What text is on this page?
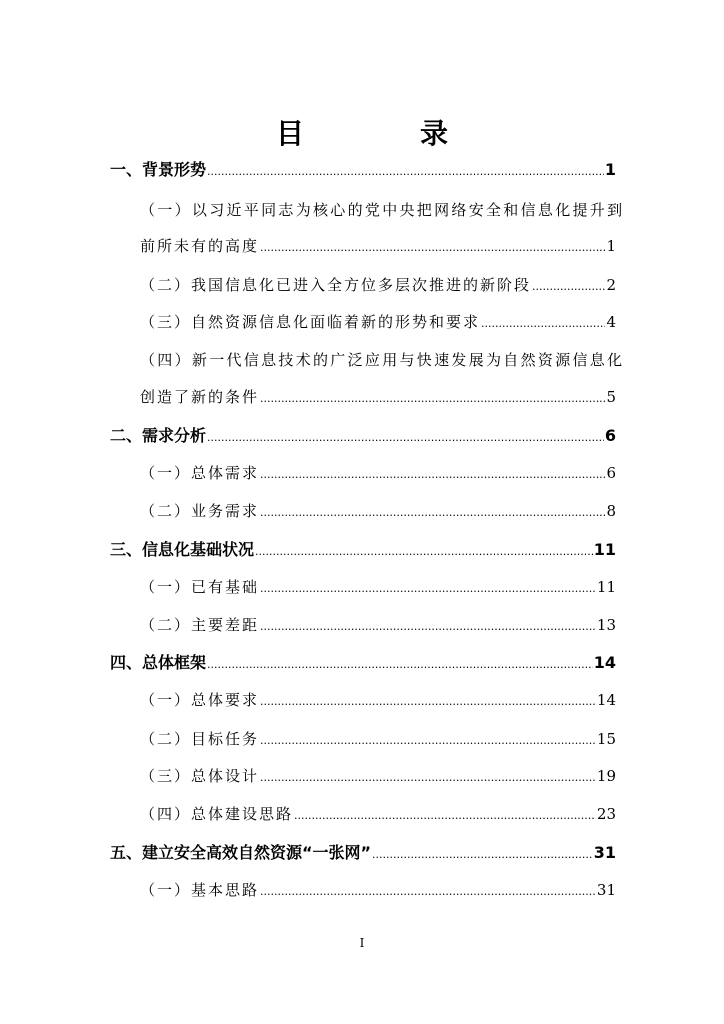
目　录
一、背景形势 .....	1
（一）以习近平同志为核心的党中央把网络安全和信息化提升到
前所未有的高度 .....	1
（二）我国信息化已进入全方位多层次推进的新阶段 .....	2
（三）自然资源信息化面临着新的形势和要求 .....	4
（四）新一代信息技术的广泛应用与快速发展为自然资源信息化
创造了新的条件 .....	5
二、需求分析 .....	6
（一）总体需求 .....	6
（二）业务需求 .....	8
三、信息化基础状况 .....	11
（一）已有基础 .....	11
（二）主要差距 .....	13
四、总体框架 .....	14
（一）总体要求 .....	14
（二）目标任务 .....	15
（三）总体设计 .....	19
（四）总体建设思路 .....	23
五、建立安全高效自然资源“一张网” .....	31
（一）基本思路 .....	31
I
